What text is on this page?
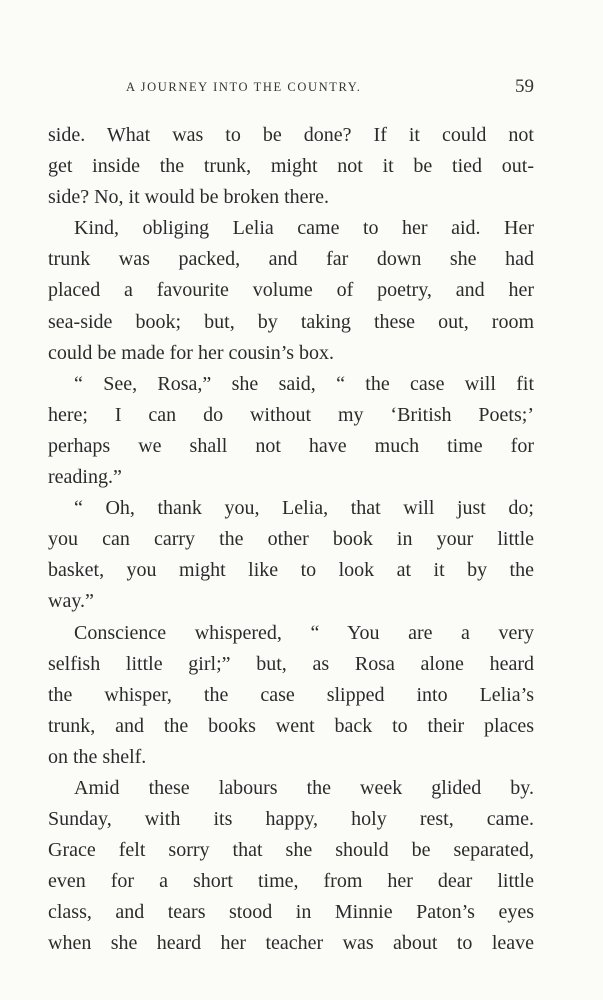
A JOURNEY INTO THE COUNTRY.	59
side. What was to be done? If it could not
get inside the trunk, might not it be tied out-
side? No, it would be broken there.
Kind, obliging Lelia came to her aid. Her
trunk was packed, and far down she had
placed a favourite volume of poetry, and her
sea-side book; but, by taking these out, room
could be made for her cousin’s box.
“ See, Rosa,” she said, “ the case will fit
here; I can do without my ‘British Poets;’
perhaps we shall not have much time for
reading.”
“ Oh, thank you, Lelia, that will just do;
you can carry the other book in your little
basket, you might like to look at it by the
way.”
Conscience whispered, “ You are a very
selfish little girl;” but, as Rosa alone heard
the whisper, the case slipped into Lelia’s
trunk, and the books went back to their places
on the shelf.
Amid these labours the week glided by.
Sunday, with its happy, holy rest, came.
Grace felt sorry that she should be separated,
even for a short time, from her dear little
class, and tears stood in Minnie Paton’s eyes
when she heard her teacher was about to leave
